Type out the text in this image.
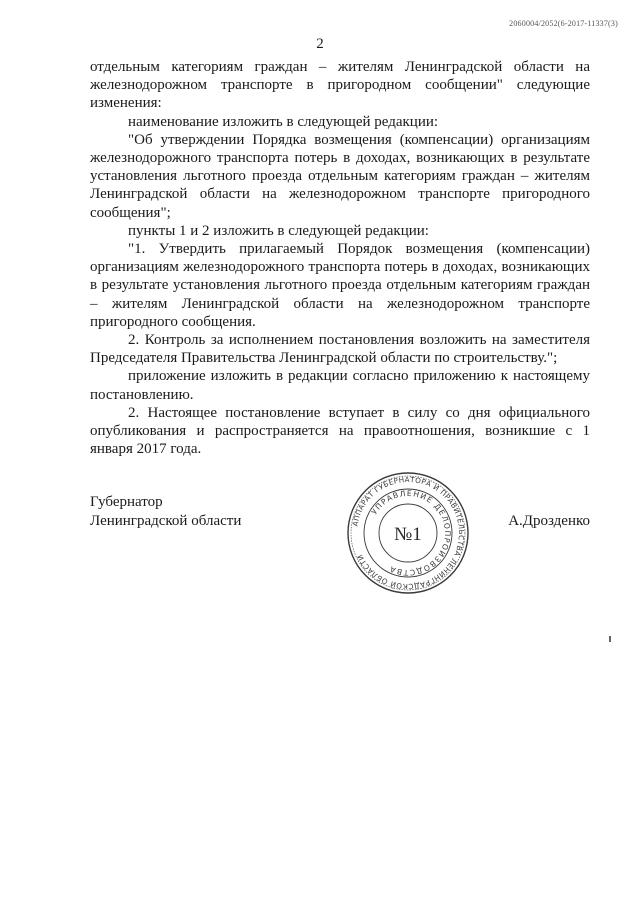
2060004/2052(6-2017-11337(3)
2

отдельным категориям граждан – жителям Ленинградской области на железнодорожном транспорте в пригородном сообщении" следующие изменения:

наименование изложить в следующей редакции:

"Об утверждении Порядка возмещения (компенсации) организациям железнодорожного транспорта потерь в доходах, возникающих в результате установления льготного проезда отдельным категориям граждан – жителям Ленинградской области на железнодорожном транспорте пригородного сообщения";

пункты 1 и 2 изложить в следующей редакции:

"1. Утвердить прилагаемый Порядок возмещения (компенсации) организациям железнодорожного транспорта потерь в доходах, возникающих в результате установления льготного проезда отдельным категориям граждан – жителям Ленинградской области на железнодорожном транспорте пригородного сообщения.

2. Контроль за исполнением постановления возложить на заместителя Председателя Правительства Ленинградской области по строительству.";

приложение изложить в редакции согласно приложению к настоящему постановлению.

2. Настоящее постановление вступает в силу со дня официального опубликования и распространяется на правоотношения, возникшие с 1 января 2017 года.

Губернатор
Ленинградской области	АППАРАТ ГУБЕРНАТОРА И ПРАВИТЕЛЬСТВА ЛЕНИНГРАДСКОЙ ОБЛАСТИ
УПРАВЛЕНИЕ ДЕЛОПРОИЗВОДСТВА
№1
А.Дрозденко
